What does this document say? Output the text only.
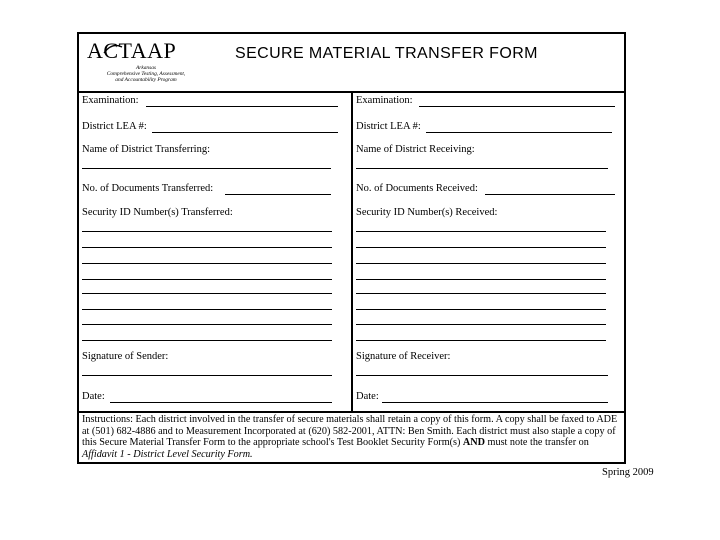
ACTAAP
Arkansas
Comprehensive Testing, Assessment,
and Accountability Program
SECURE MATERIAL TRANSFER FORM
Examination:
District LEA #:
Name of District Transferring:
No. of Documents Transferred:
Security ID Number(s) Transferred:
Signature of Sender:
Date:
Examination:
District LEA #:
Name of District Receiving:
No. of Documents Received:
Security ID Number(s) Received:
Signature of Receiver:
Date:
Instructions: Each district involved in the transfer of secure materials shall retain a copy of this form. A copy shall be faxed to ADE at (501) 682-4886 and to Measurement Incorporated at (620) 582-2001, ATTN: Ben Smith. Each district must also staple a copy of this Secure Material Transfer Form to the appropriate school's Test Booklet Security Form(s) AND must note the transfer on Affidavit 1 - District Level Security Form.
Spring 2009
